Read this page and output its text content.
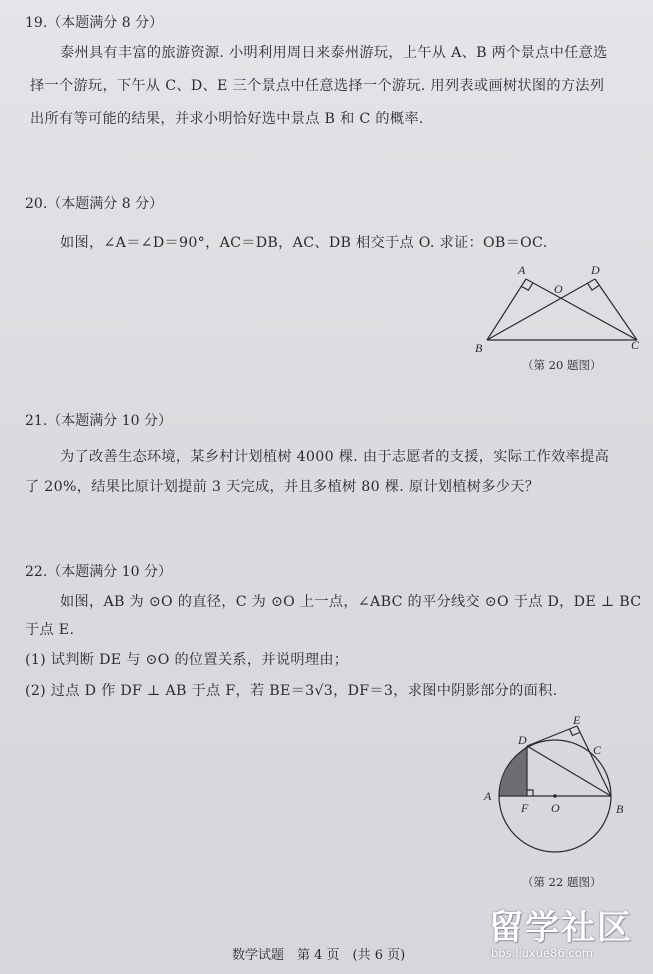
19.（本题满分 8 分）
泰州具有丰富的旅游资源. 小明利用周日来泰州游玩，上午从 A、B 两个景点中任意选
择一个游玩，下午从 C、D、E 三个景点中任意选择一个游玩. 用列表或画树状图的方法列
出所有等可能的结果，并求小明恰好选中景点 B 和 C 的概率.
20.（本题满分 8 分）
如图，∠A＝∠D＝90°，AC＝DB，AC、DB 相交于点 O. 求证：OB＝OC.
A	D
O
B	C
（第 20 题图）
21.（本题满分 10 分）
为了改善生态环境，某乡村计划植树 4000 棵. 由于志愿者的支援，实际工作效率提高
了 20%，结果比原计划提前 3 天完成，并且多植树 80 棵. 原计划植树多少天？
22.（本题满分 10 分）
如图，AB 为 ⊙O 的直径，C 为 ⊙O 上一点，∠ABC 的平分线交 ⊙O 于点 D，DE ⊥ BC
于点 E.
(1) 试判断 DE 与 ⊙O 的位置关系，并说明理由；
(2) 过点 D 作 DF ⊥ AB 于点 F，若 BE＝3√3，DF＝3，求图中阴影部分的面积.
A
B
C
D
E
F O
（第 22 题图）
数学试题　第 4 页　(共 6 页)
留学社区
bbs.liuxue86.com
